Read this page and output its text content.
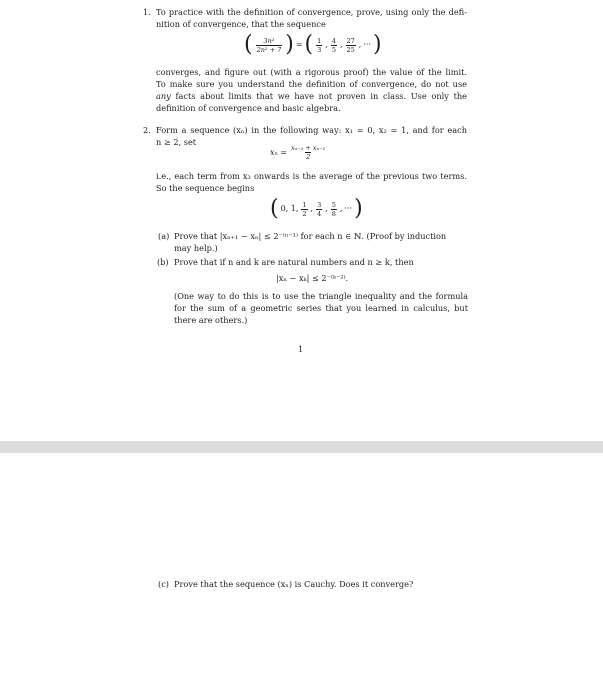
1. To practice with the definition of convergence, prove, using only the defi-
nition of convergence, that the sequence
( $\frac{\text{3n²}}{\text{2n² + 7}}$ ) = ( $\frac{1}{3}$ , $\frac{4}{5}$ , $\frac{27}{25}$ , ··· )
converges, and figure out (with a rigorous proof) the value of the limit.
To make sure you understand the definition of convergence, do not use
any facts about limits that we have not proven in class. Use only the
definition of convergence and basic algebra.
2. Form a sequence (xₙ) in the following way: x₁ = 0, x₂ = 1, and for each
n ≥ 2, set
$x_n = \frac{\text{xₙ₋₁ + xₙ₋₂}}{2}$
i.e., each term from x₃ onwards is the average of the previous two terms.
So the sequence begins
( 0, 1, $\frac{1}{2}$ , $\frac{3}{4}$ , $\frac{5}{8}$ , ··· )
(a) Prove that |xₙ₊₁ − xₙ| ≤ 2⁻⁽ⁿ⁻¹⁾ for each n ∈ ℕ. (Proof by induction
may help.)
(b) Prove that if n and k are natural numbers and n ≥ k, then
|xₙ − xₖ| ≤ 2⁻⁽ᵏ⁻²⁾.
(One way to do this is to use the triangle inequality and the formula
for the sum of a geometric series that you learned in calculus, but
there are others.)
1
(c) Prove that the sequence (xₙ) is Cauchy. Does it converge?
